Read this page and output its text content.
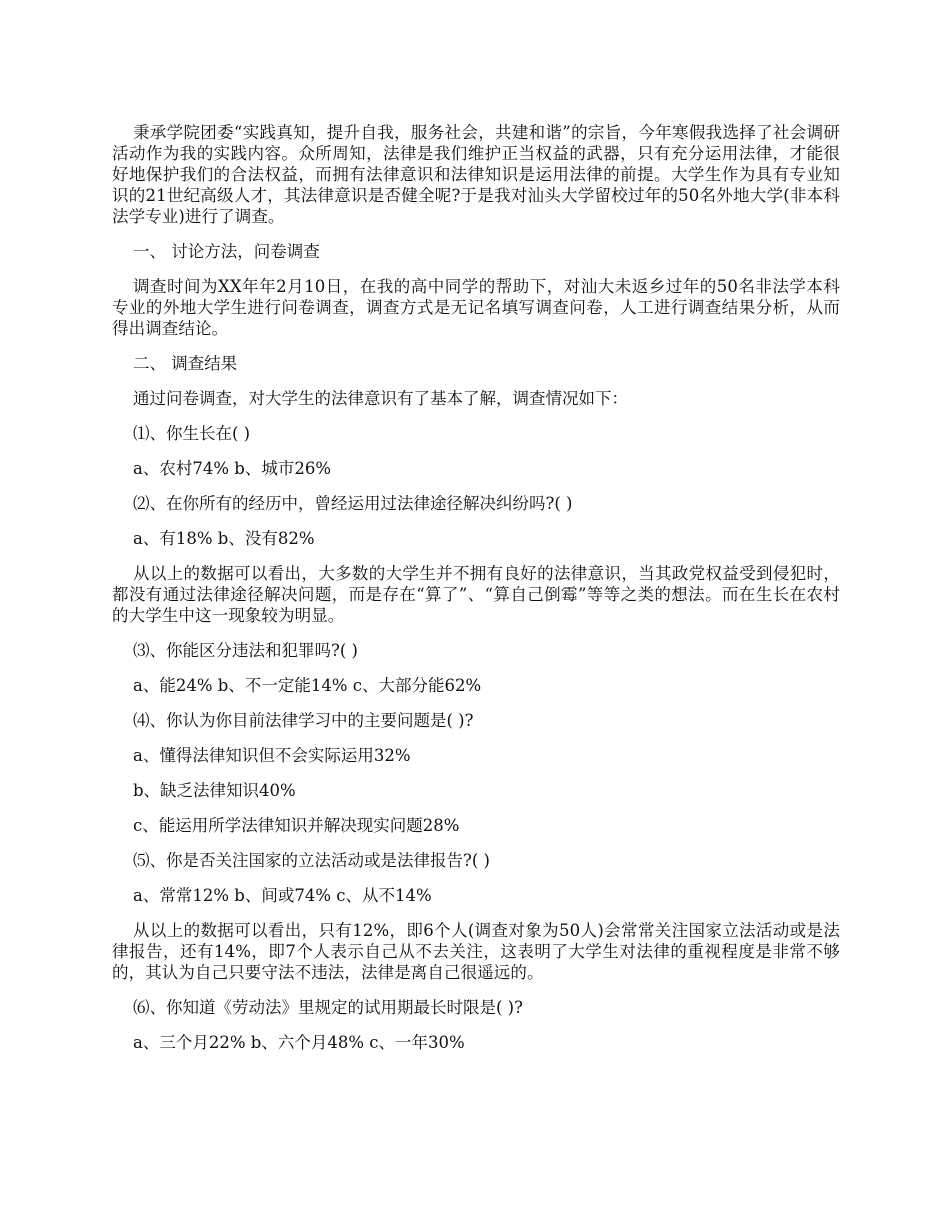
秉承学院团委“实践真知，提升自我，服务社会，共建和谐”的宗旨，今年寒假我选择了社会调研活动作为我的实践内容。众所周知，法律是我们维护正当权益的武器，只有充分运用法律，才能很好地保护我们的合法权益，而拥有法律意识和法律知识是运用法律的前提。大学生作为具有专业知识的21世纪高级人才，其法律意识是否健全呢?于是我对汕头大学留校过年的50名外地大学(非本科法学专业)进行了调查。

一、 讨论方法，问卷调查

调查时间为XX年年2月10日，在我的高中同学的帮助下，对汕大未返乡过年的50名非法学本科专业的外地大学生进行问卷调查，调查方式是无记名填写调查问卷，人工进行调查结果分析，从而得出调查结论。

二、 调查结果

通过问卷调查，对大学生的法律意识有了基本了解，调查情况如下：

⑴、你生长在( )

a、农村74% b、城市26%

⑵、在你所有的经历中，曾经运用过法律途径解决纠纷吗?( )

a、有18% b、没有82%

从以上的数据可以看出，大多数的大学生并不拥有良好的法律意识，当其政党权益受到侵犯时，都没有通过法律途径解决问题，而是存在“算了”、“算自己倒霉”等等之类的想法。而在生长在农村的大学生中这一现象较为明显。

⑶、你能区分违法和犯罪吗?( )

a、能24% b、不一定能14% c、大部分能62%

⑷、你认为你目前法律学习中的主要问题是( )?

a、懂得法律知识但不会实际运用32%

b、缺乏法律知识40%

c、能运用所学法律知识并解决现实问题28%

⑸、你是否关注国家的立法活动或是法律报告?( )

a、常常12% b、间或74% c、从不14%

从以上的数据可以看出，只有12%，即6个人(调查对象为50人)会常常关注国家立法活动或是法律报告，还有14%，即7个人表示自己从不去关注，这表明了大学生对法律的重视程度是非常不够的，其认为自己只要守法不违法，法律是离自己很遥远的。

⑹、你知道《劳动法》里规定的试用期最长时限是( )?

a、三个月22% b、六个月48% c、一年30%
